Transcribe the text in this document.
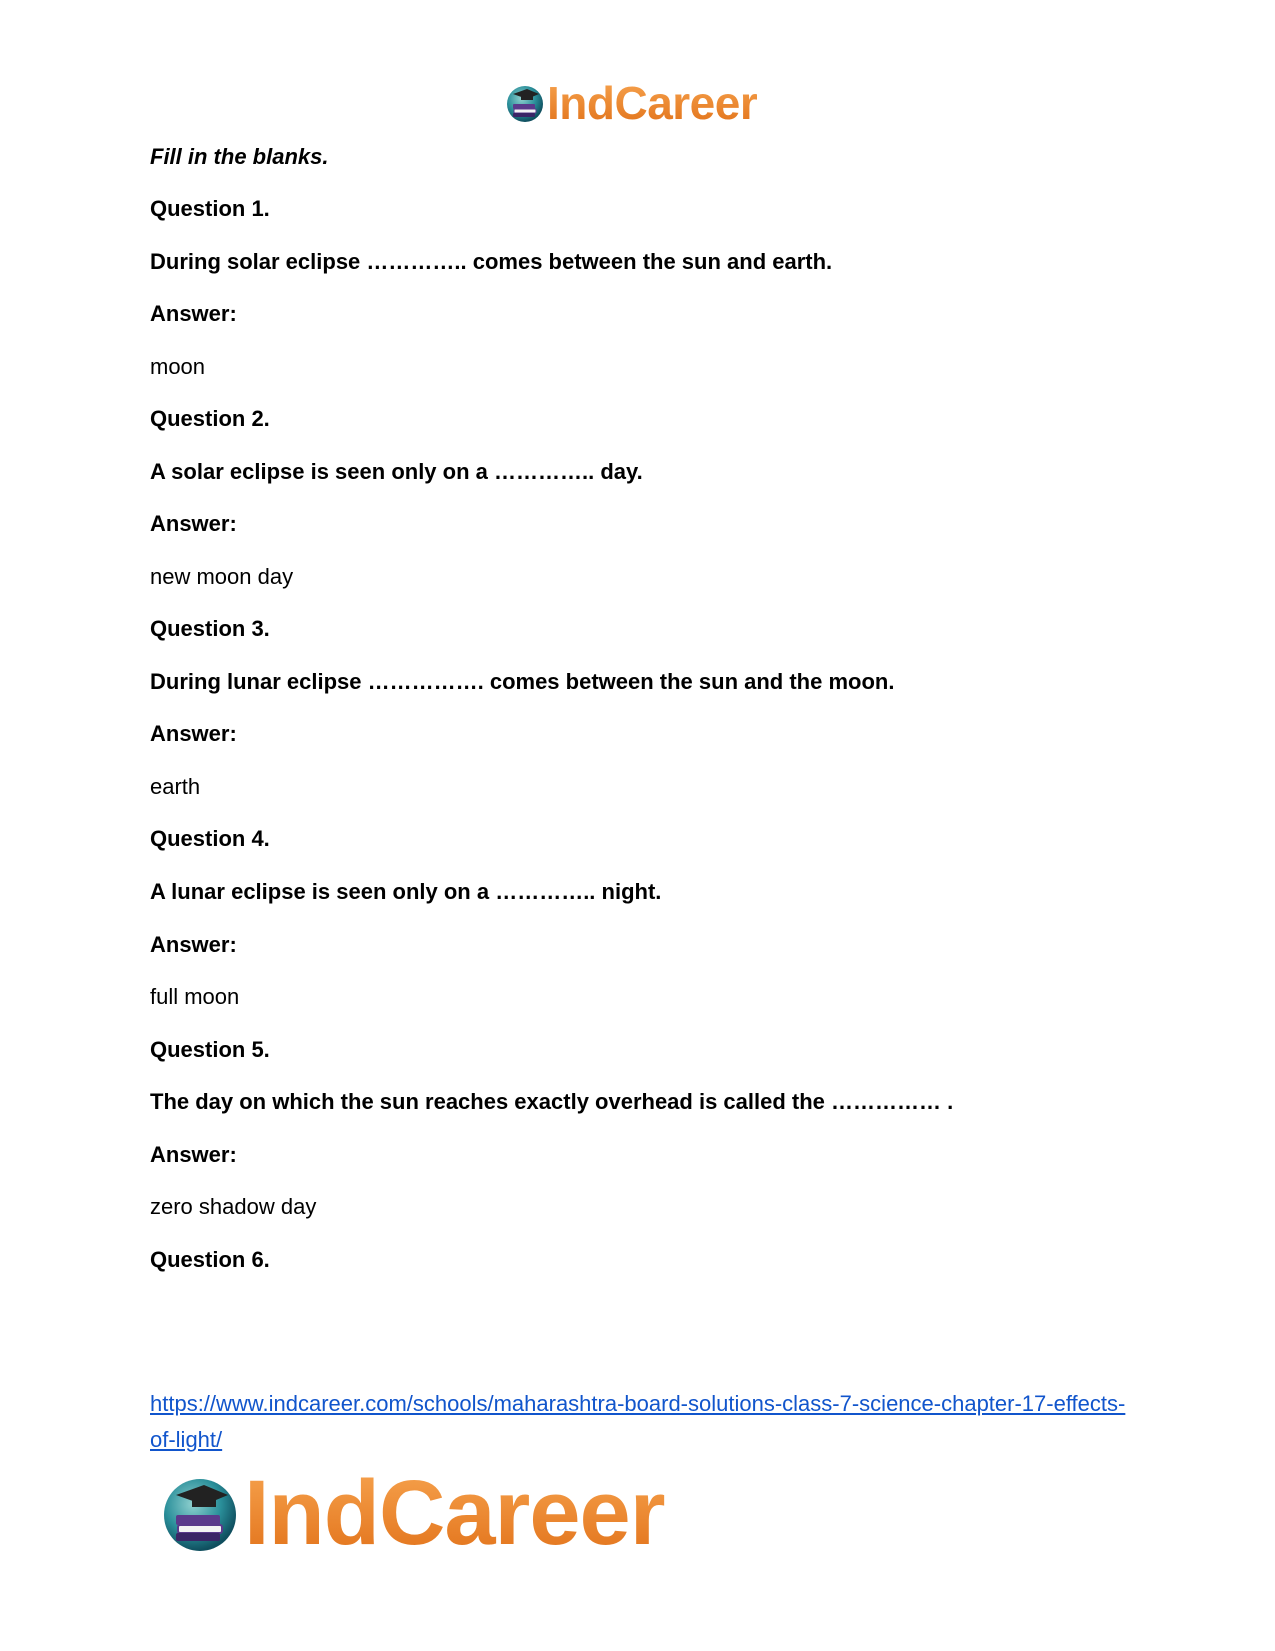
IndCareer
Fill in the blanks.
Question 1.
During solar eclipse ………….. comes between the sun and earth.
Answer:
moon
Question 2.
A solar eclipse is seen only on a ………….. day.
Answer:
new moon day
Question 3.
During lunar eclipse ……………. comes between the sun and the moon.
Answer:
earth
Question 4.
A lunar eclipse is seen only on a ………….. night.
Answer:
full moon
Question 5.
The day on which the sun reaches exactly overhead is called the …………… .
Answer:
zero shadow day
Question 6.
https://www.indcareer.com/schools/maharashtra-board-solutions-class-7-science-chapter-17-effects-of-light/
IndCareer
